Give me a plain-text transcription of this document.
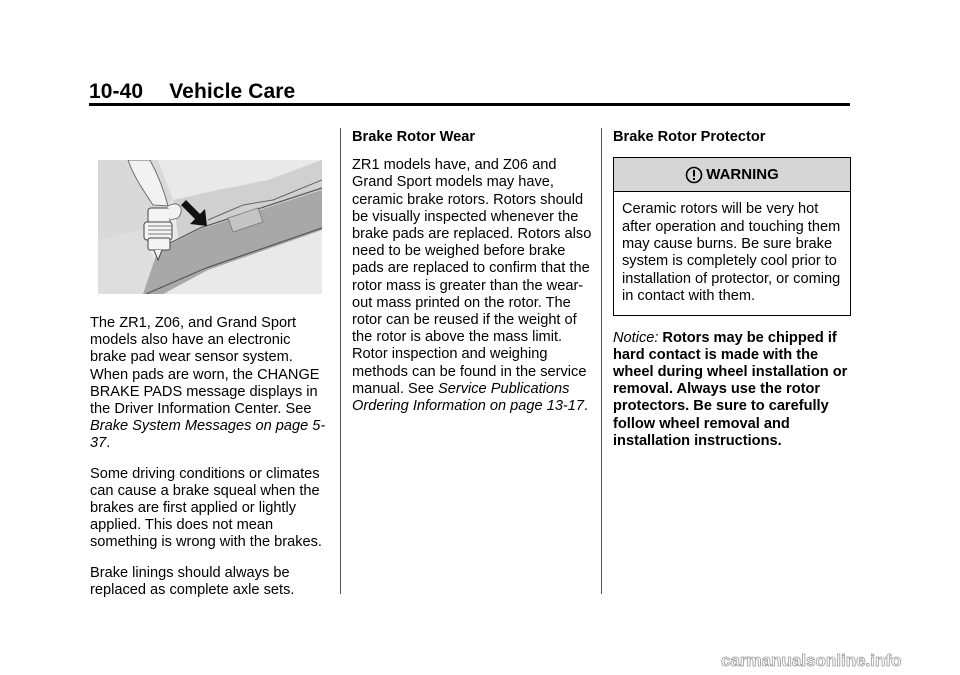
10-40 Vehicle Care

The ZR1, Z06, and Grand Sport models also have an electronic brake pad wear sensor system. When pads are worn, the CHANGE BRAKE PADS message displays in the Driver Information Center. See Brake System Messages on page 5-37.

Some driving conditions or climates can cause a brake squeal when the brakes are first applied or lightly applied. This does not mean something is wrong with the brakes.

Brake linings should always be replaced as complete axle sets.

Brake Rotor Wear

ZR1 models have, and Z06 and Grand Sport models may have, ceramic brake rotors. Rotors should be visually inspected whenever the brake pads are replaced. Rotors also need to be weighed before brake pads are replaced to confirm that the rotor mass is greater than the wear-out mass printed on the rotor. The rotor can be reused if the weight of the rotor is above the mass limit. Rotor inspection and weighing methods can be found in the service manual. See Service Publications Ordering Information on page 13-17.

Brake Rotor Protector

WARNING
Ceramic rotors will be very hot after operation and touching them may cause burns. Be sure brake system is completely cool prior to installation of protector, or coming in contact with them.

Notice: Rotors may be chipped if hard contact is made with the wheel during wheel installation or removal. Always use the rotor protectors. Be sure to carefully follow wheel removal and installation instructions.

carmanualsonline.info
